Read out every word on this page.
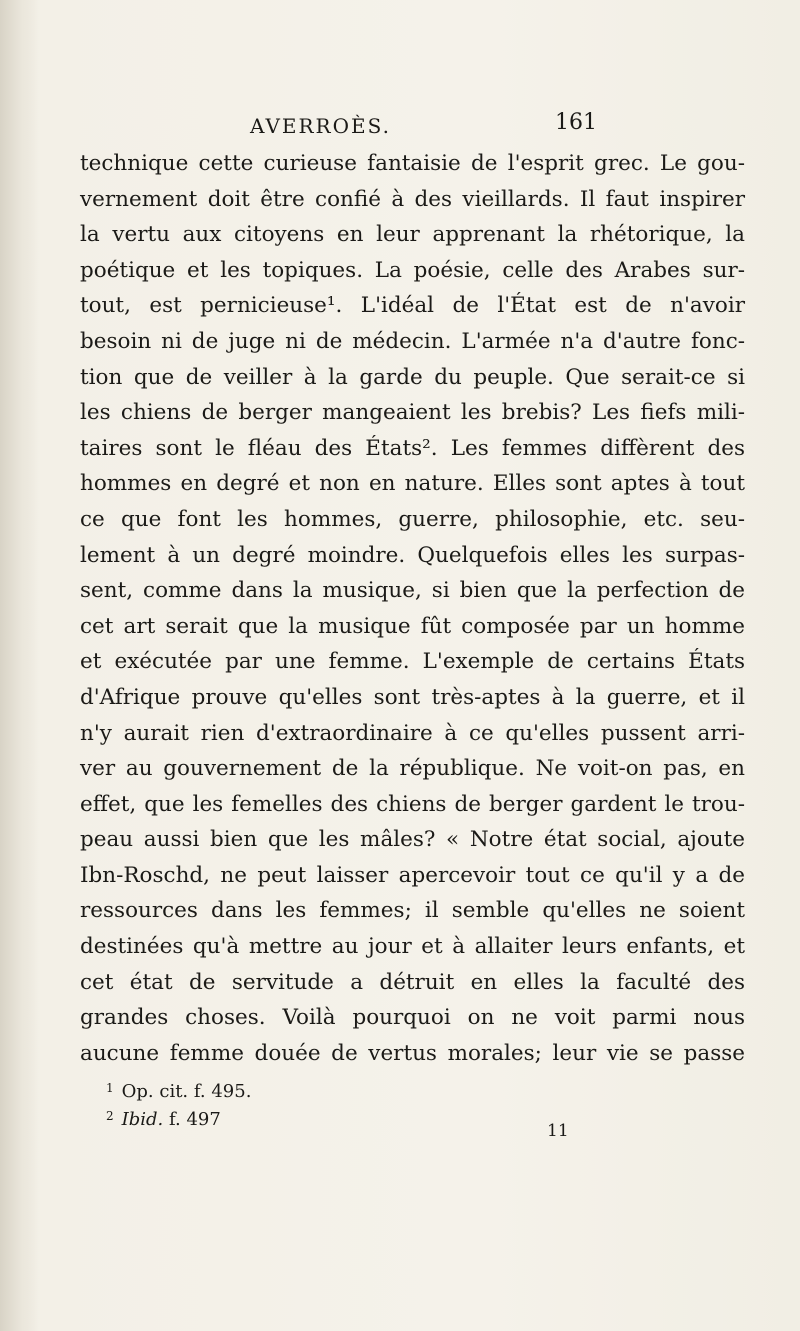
AVERROÈS.	161
technique cette curieuse fantaisie de l'esprit grec. Le gou-
vernement doit être confié à des vieillards. Il faut inspirer
la vertu aux citoyens en leur apprenant la rhétorique, la
poétique et les topiques. La poésie, celle des Arabes sur-
tout, est pernicieuse¹. L'idéal de l'État est de n'avoir
besoin ni de juge ni de médecin. L'armée n'a d'autre fonc-
tion que de veiller à la garde du peuple. Que serait-ce si
les chiens de berger mangeaient les brebis? Les fiefs mili-
taires sont le fléau des États². Les femmes diffèrent des
hommes en degré et non en nature. Elles sont aptes à tout
ce que font les hommes, guerre, philosophie, etc. seu-
lement à un degré moindre. Quelquefois elles les surpas-
sent, comme dans la musique, si bien que la perfection de
cet art serait que la musique fût composée par un homme
et exécutée par une femme. L'exemple de certains États
d'Afrique prouve qu'elles sont très-aptes à la guerre, et il
n'y aurait rien d'extraordinaire à ce qu'elles pussent arri-
ver au gouvernement de la république. Ne voit-on pas, en
effet, que les femelles des chiens de berger gardent le trou-
peau aussi bien que les mâles? « Notre état social, ajoute
Ibn-Roschd, ne peut laisser apercevoir tout ce qu'il y a de
ressources dans les femmes; il semble qu'elles ne soient
destinées qu'à mettre au jour et à allaiter leurs enfants, et
cet état de servitude a détruit en elles la faculté des
grandes choses. Voilà pourquoi on ne voit parmi nous
aucune femme douée de vertus morales; leur vie se passe
$^1$ Op. cit. f. 495.
$^2$ Ibid. f. 497
11
